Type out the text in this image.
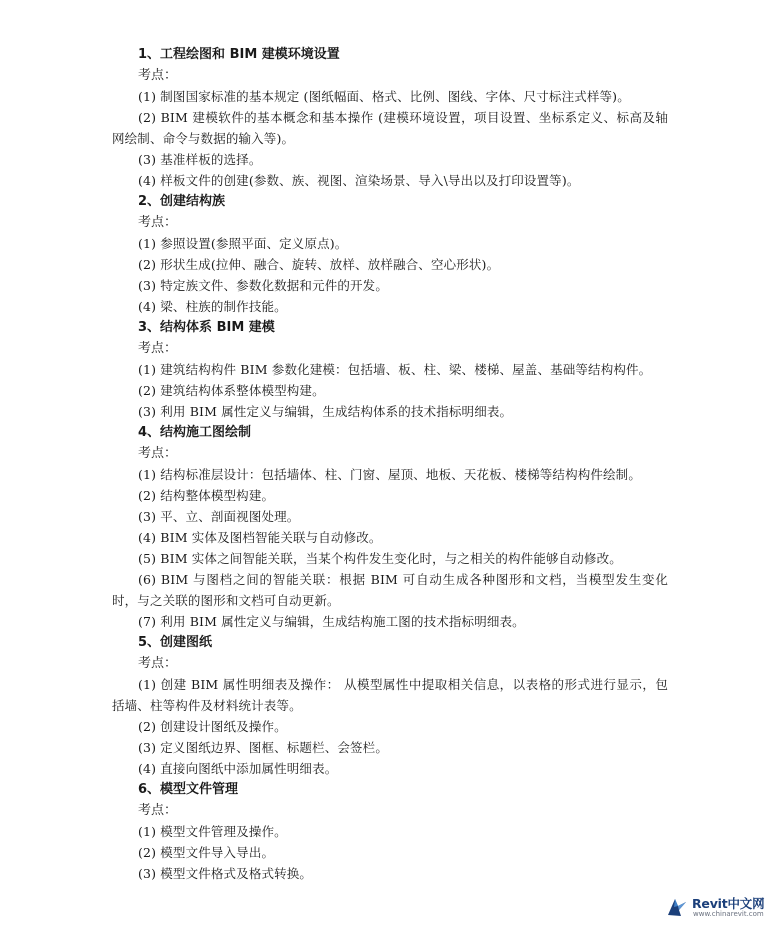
1、工程绘图和 BIM 建模环境设置
考点：
(1) 制图国家标准的基本规定 (图纸幅面、格式、比例、图线、字体、尺寸标注式样等)。
(2) BIM 建模软件的基本概念和基本操作 (建模环境设置，项目设置、坐标系定义、标高及轴网绘制、命令与数据的输入等)。
(3) 基准样板的选择。
(4) 样板文件的创建(参数、族、视图、渲染场景、导入\导出以及打印设置等)。
2、创建结构族
考点：
(1) 参照设置(参照平面、定义原点)。
(2) 形状生成(拉伸、融合、旋转、放样、放样融合、空心形状)。
(3) 特定族文件、参数化数据和元件的开发。
(4) 梁、柱族的制作技能。
3、结构体系 BIM 建模
考点：
(1) 建筑结构构件 BIM 参数化建模：包括墙、板、柱、梁、楼梯、屋盖、基础等结构构件。
(2) 建筑结构体系整体模型构建。
(3) 利用 BIM 属性定义与编辑，生成结构体系的技术指标明细表。
4、结构施工图绘制
考点：
(1) 结构标准层设计：包括墙体、柱、门窗、屋顶、地板、天花板、楼梯等结构构件绘制。
(2) 结构整体模型构建。
(3) 平、立、剖面视图处理。
(4) BIM 实体及图档智能关联与自动修改。
(5) BIM 实体之间智能关联，当某个构件发生变化时，与之相关的构件能够自动修改。
(6) BIM 与图档之间的智能关联：根据 BIM 可自动生成各种图形和文档，当模型发生变化时，与之关联的图形和文档可自动更新。
(7) 利用 BIM 属性定义与编辑，生成结构施工图的技术指标明细表。
5、创建图纸
考点：
(1) 创建 BIM 属性明细表及操作： 从模型属性中提取相关信息，以表格的形式进行显示，包括墙、柱等构件及材料统计表等。
(2) 创建设计图纸及操作。
(3) 定义图纸边界、图框、标题栏、会签栏。
(4) 直接向图纸中添加属性明细表。
6、模型文件管理
考点：
(1) 模型文件管理及操作。
(2) 模型文件导入导出。
(3) 模型文件格式及格式转换。
Revit中文网
www.chinarevit.com
